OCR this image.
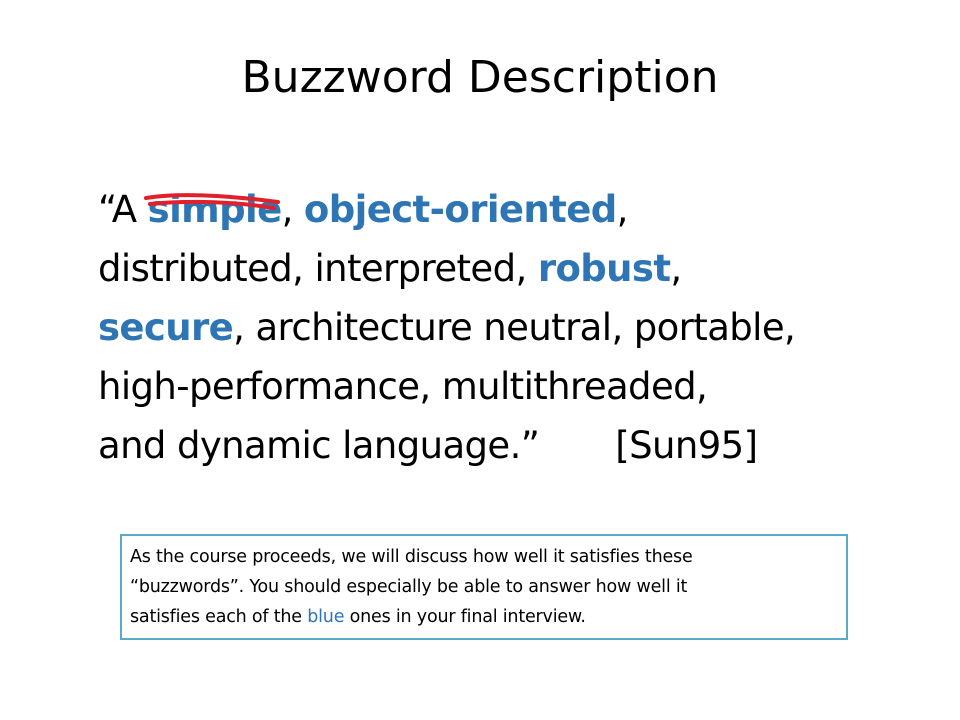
Buzzword Description
“A simple
, object-oriented,
distributed, interpreted, robust,
secure, architecture neutral, portable,
high-performance, multithreaded,
and dynamic language.” [Sun95]
As the course proceeds, we will discuss how well it satisfies these
“buzzwords”. You should especially be able to answer how well it
satisfies each of the blue ones in your final interview.
